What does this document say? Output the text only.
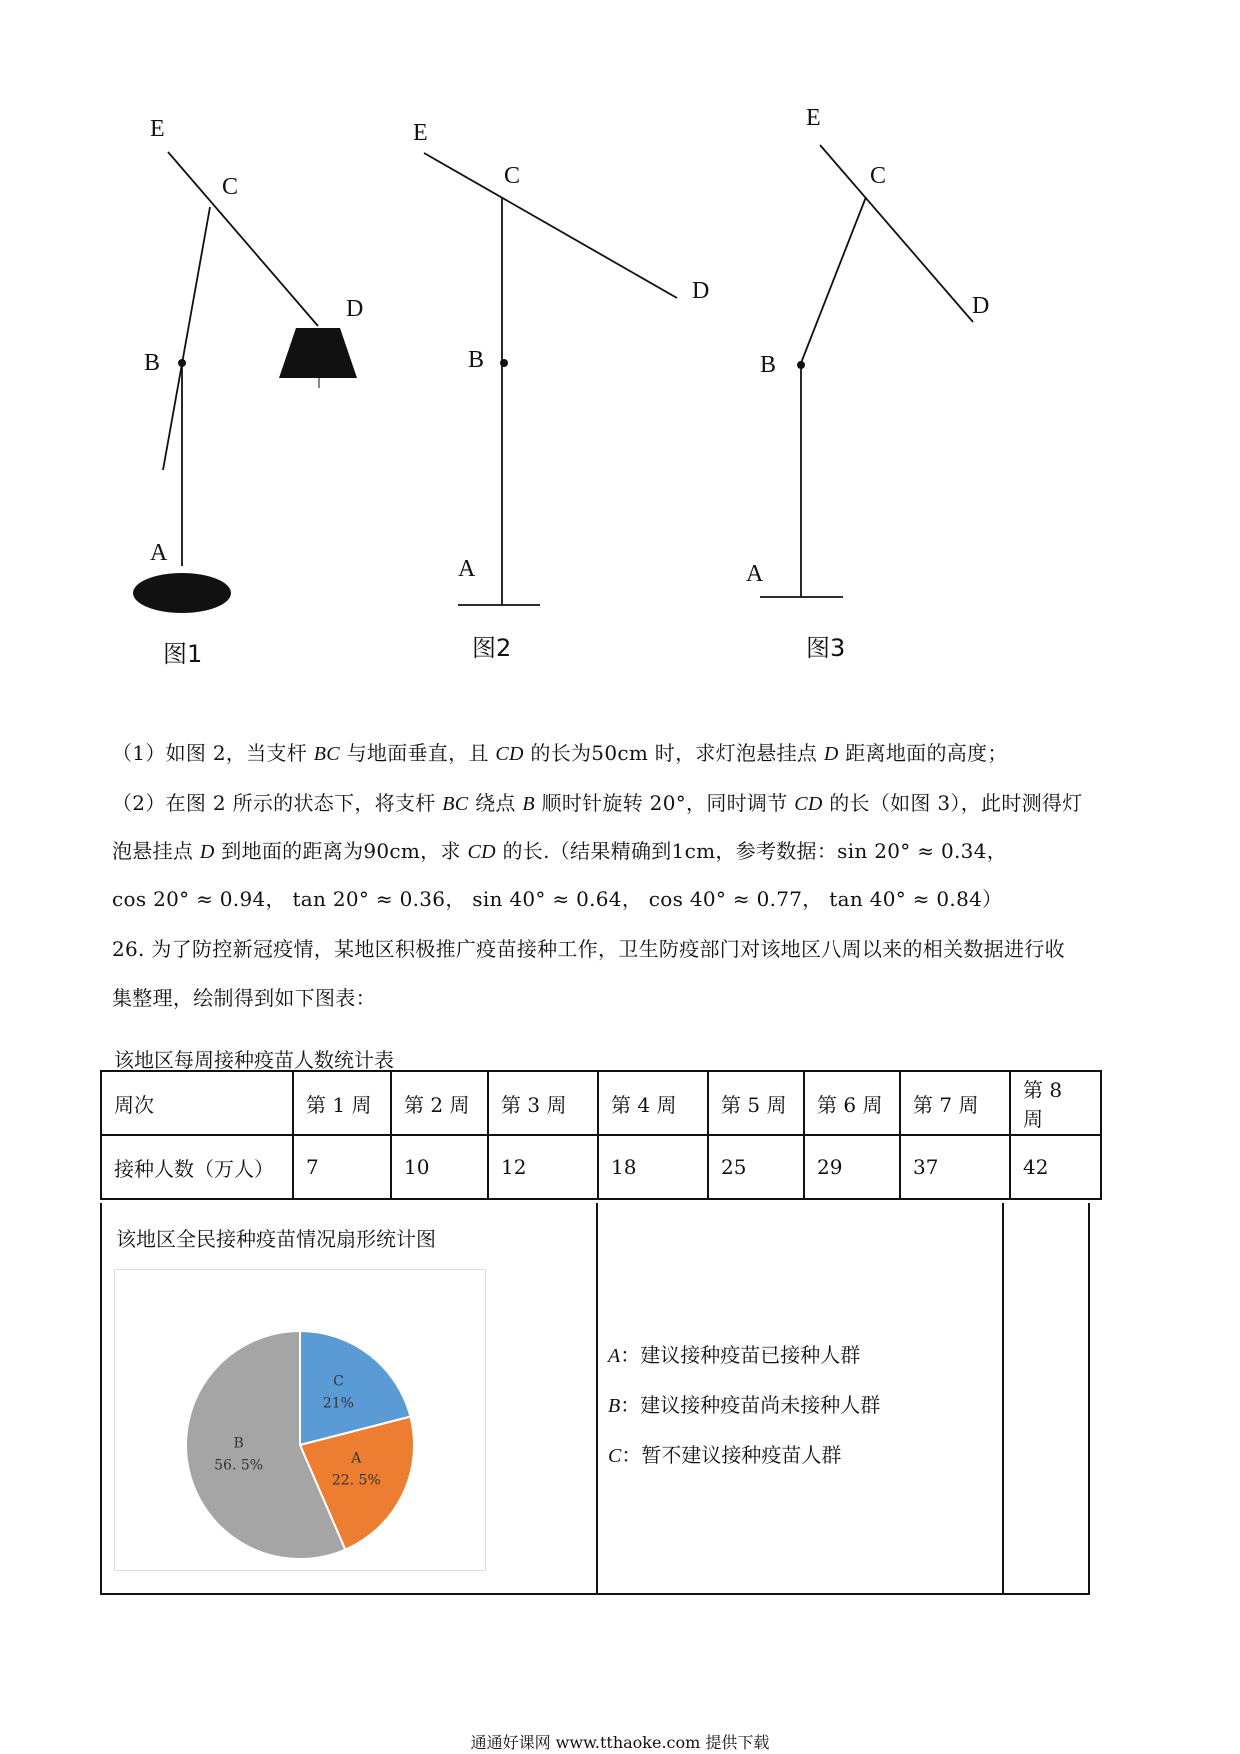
E
C
D
B
A
E
C
D
B
A
E
C
D
B
A
图1	图2	图3
（1）如图 2，当支杆 BC 与地面垂直，且 CD 的长为50cm 时，求灯泡悬挂点 D 距离地面的高度；
（2）在图 2 所示的状态下，将支杆 BC 绕点 B 顺时针旋转 20°，同时调节 CD 的长（如图 3），此时测得灯
泡悬挂点 D 到地面的距离为90cm，求 CD 的长.（结果精确到1cm，参考数据：sin 20° ≈ 0.34，
cos 20° ≈ 0.94， tan 20° ≈ 0.36， sin 40° ≈ 0.64， cos 40° ≈ 0.77， tan 40° ≈ 0.84）
26. 为了防控新冠疫情，某地区积极推广疫苗接种工作，卫生防疫部门对该地区八周以来的相关数据进行收
集整理，绘制得到如下图表：
该地区每周接种疫苗人数统计表
周次	第 1 周	第 2 周	第 3 周	第 4 周	第 5 周	第 6 周	第 7 周	第 8 周
接种人数（万人）	7	10	12	18	25	29	37	42
该地区全民接种疫苗情况扇形统计图
C
21%
A
22. 5%
B
56. 5%
A：建议接种疫苗已接种人群
B：建议接种疫苗尚未接种人群
C：暂不建议接种疫苗人群
通通好课网 www.tthaoke.com 提供下载
